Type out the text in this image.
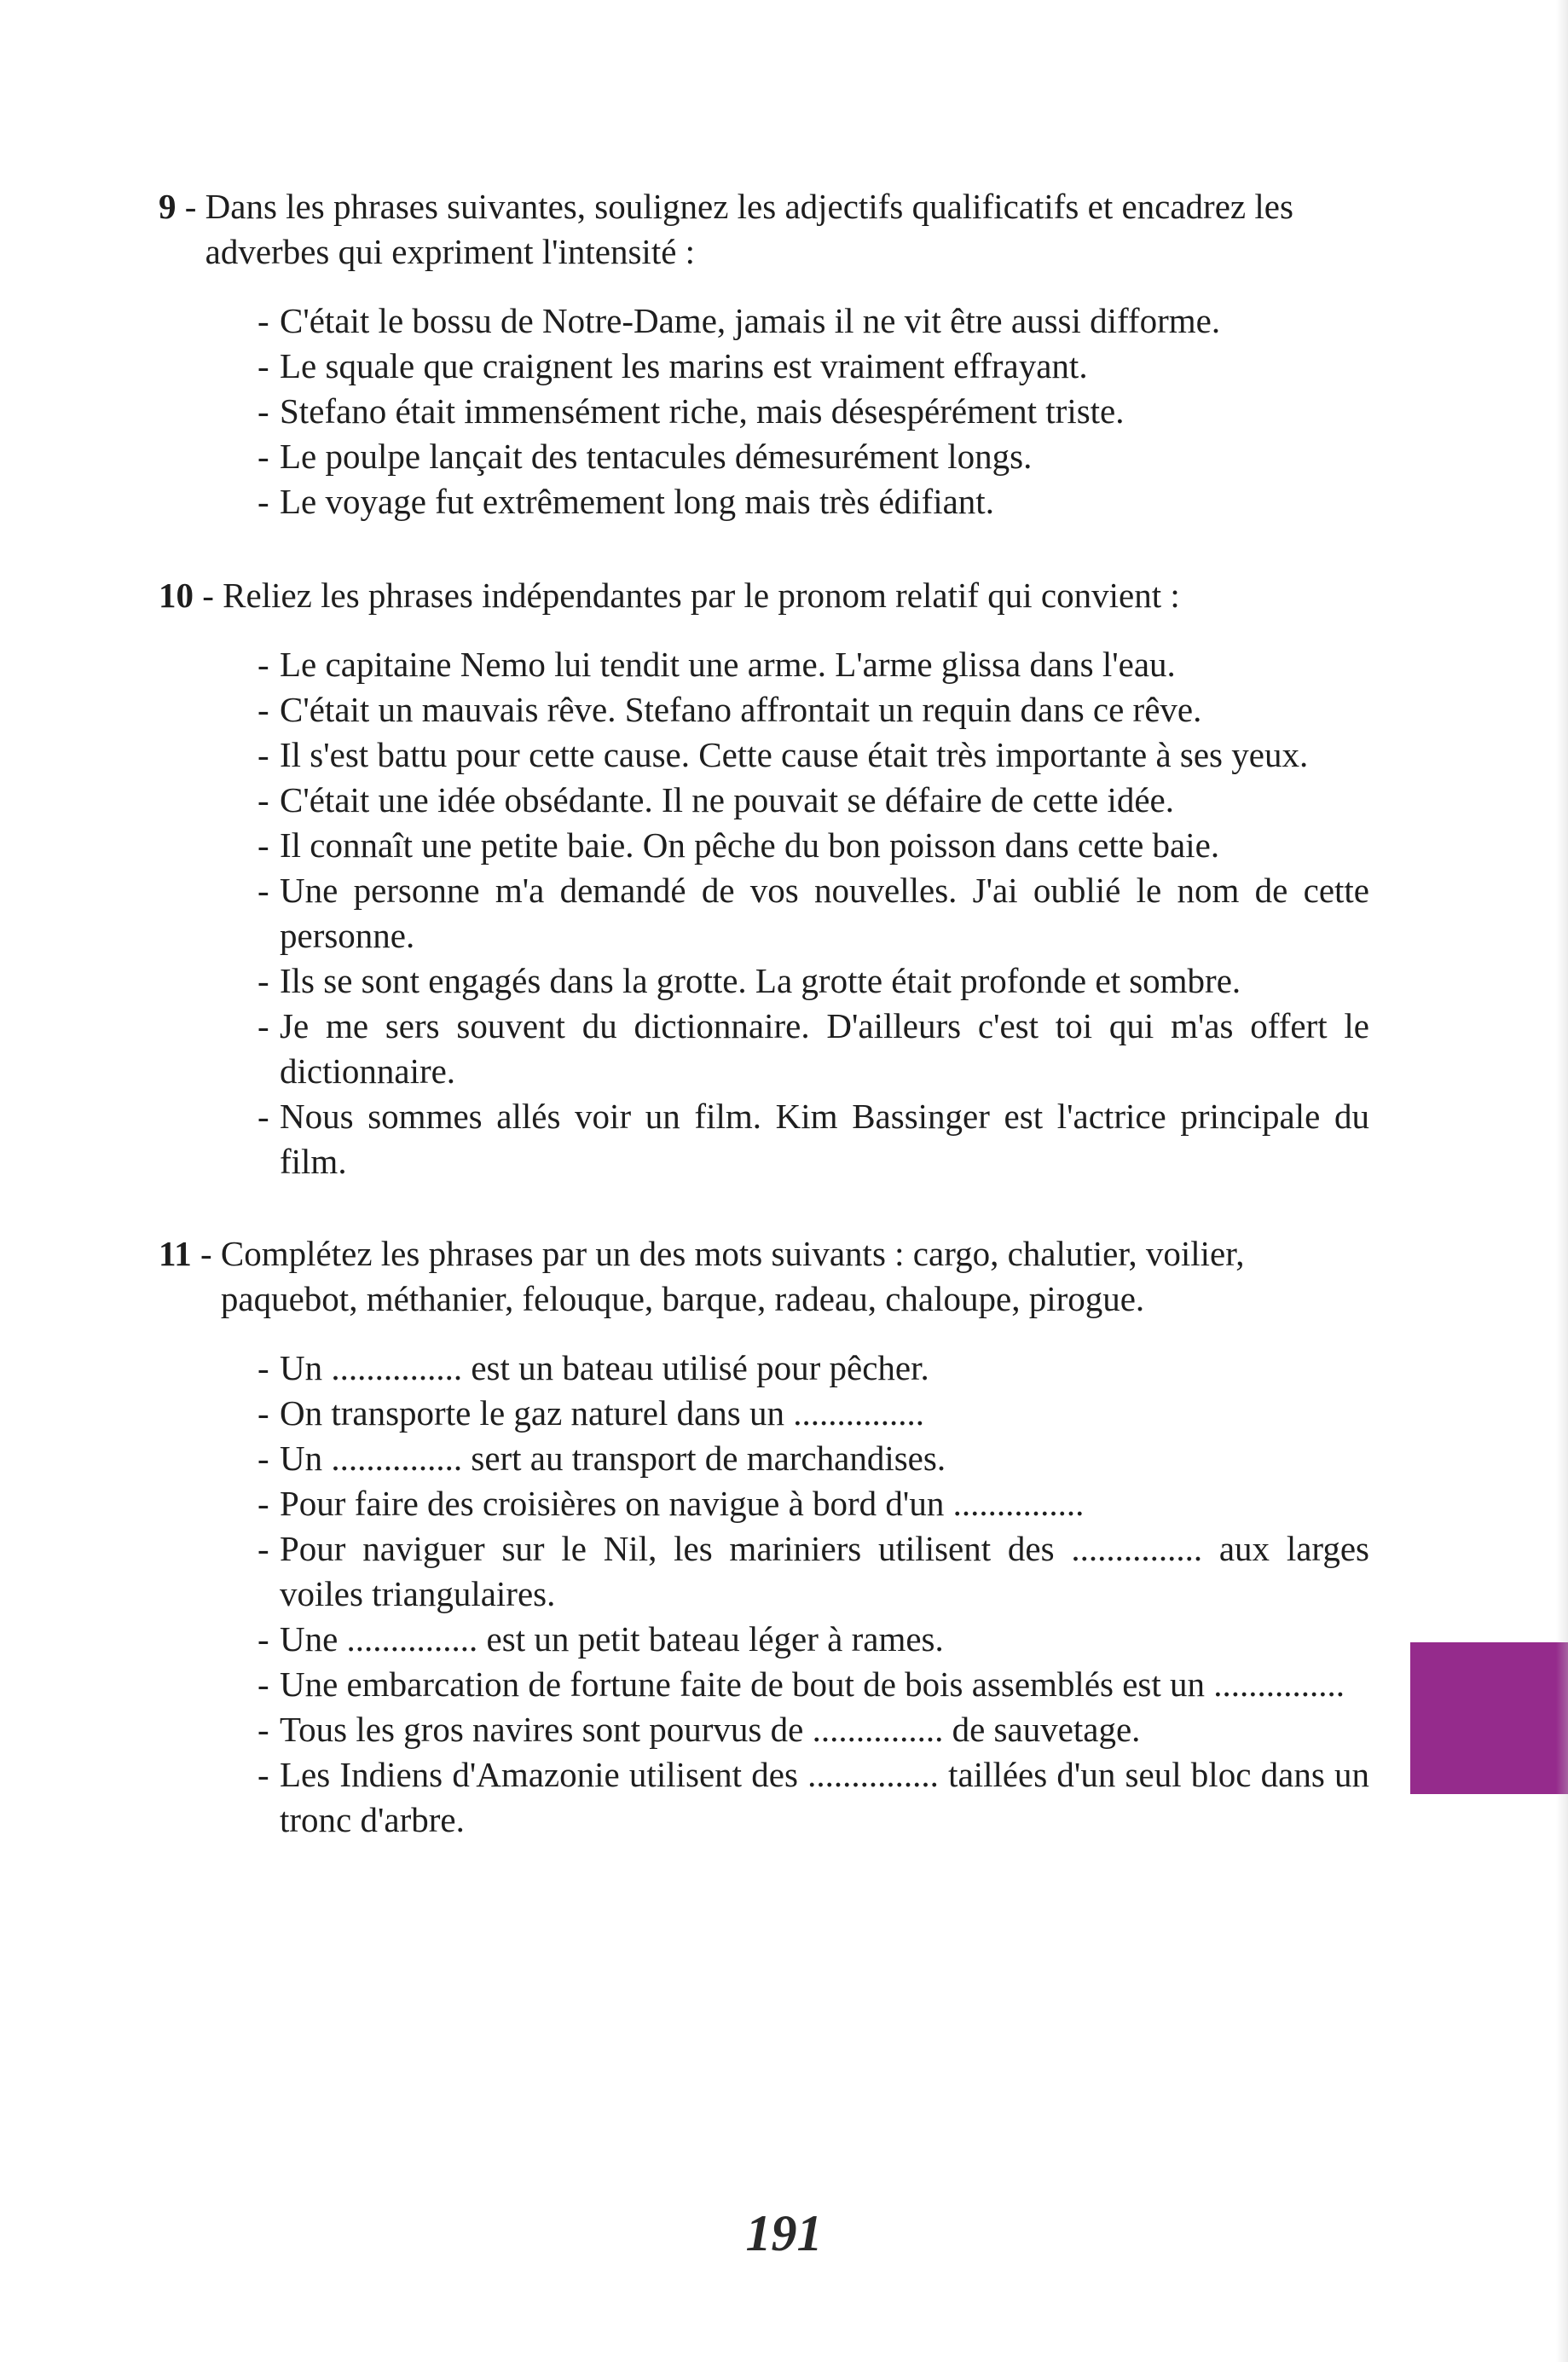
9 - Dans les phrases suivantes, soulignez les adjectifs qualificatifs et encadrez les adverbes qui expriment l'intensité :
- C'était le bossu de Notre-Dame, jamais il ne vit être aussi difforme.
- Le squale que craignent les marins est vraiment effrayant.
- Stefano était immensément riche, mais désespérément triste.
- Le poulpe lançait des tentacules démesurément longs.
- Le voyage fut extrêmement long mais très édifiant.
10 - Reliez les phrases indépendantes par le pronom relatif qui convient :
- Le capitaine Nemo lui tendit une arme. L'arme glissa dans l'eau.
- C'était un mauvais rêve. Stefano affrontait un requin dans ce rêve.
- Il s'est battu pour cette cause. Cette cause était très importante à ses yeux.
- C'était une idée obsédante. Il ne pouvait se défaire de cette idée.
- Il connaît une petite baie. On pêche du bon poisson dans cette baie.
- Une personne m'a demandé de vos nouvelles. J'ai oublié le nom de cette personne.
- Ils se sont engagés dans la grotte. La grotte était profonde et sombre.
- Je me sers souvent du dictionnaire. D'ailleurs c'est toi qui m'as offert le dictionnaire.
- Nous sommes allés voir un film. Kim Bassinger est l'actrice principale du film.
11 - Complétez les phrases par un des mots suivants : cargo, chalutier, voilier, paquebot, méthanier, felouque, barque, radeau, chaloupe, pirogue.
- Un ............... est un bateau utilisé pour pêcher.
- On transporte le gaz naturel dans un ...............
- Un ............... sert au transport de marchandises.
- Pour faire des croisières on navigue à bord d'un ...............
- Pour naviguer sur le Nil, les mariniers utilisent des ............... aux larges voiles triangulaires.
- Une ............... est un petit bateau léger à rames.
- Une embarcation de fortune faite de bout de bois assemblés est un ...............
- Tous les gros navires sont pourvus de ............... de sauvetage.
- Les Indiens d'Amazonie utilisent des ............... taillées d'un seul bloc dans un tronc d'arbre.
191
